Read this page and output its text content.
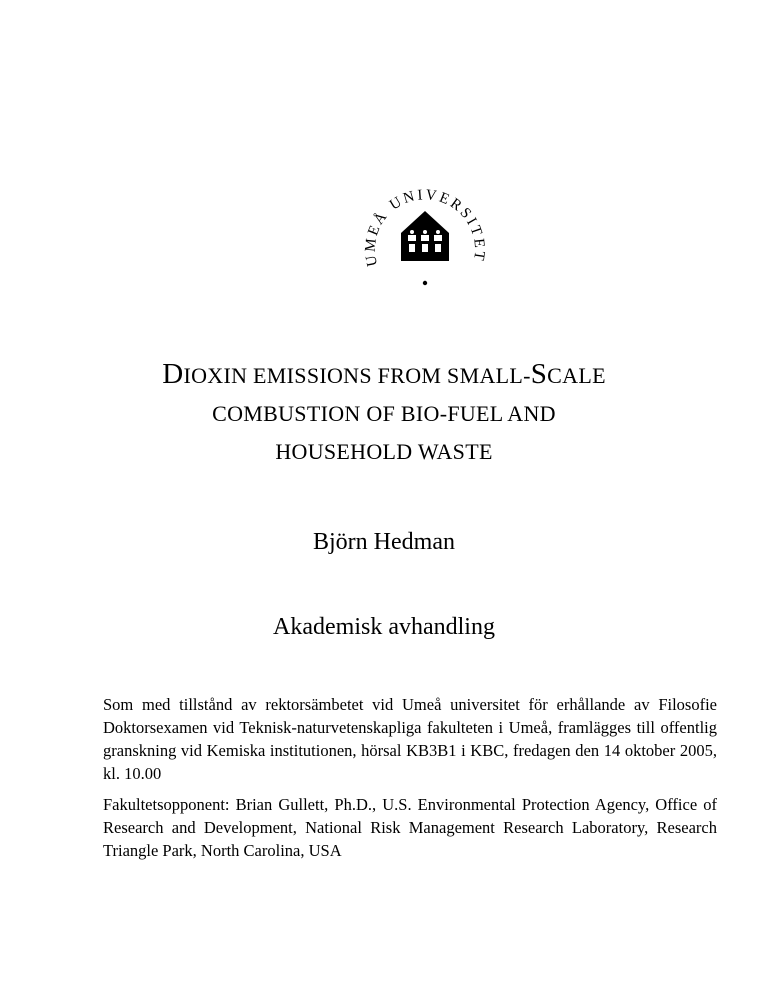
UMEÅ UNIVERSITET
DIOXIN EMISSIONS FROM SMALL-SCALE
COMBUSTION OF BIO-FUEL AND
HOUSEHOLD WASTE
Björn Hedman
Akademisk avhandling

Som med tillstånd av rektorsämbetet vid Umeå universitet för erhållande av Filosofie Doktorsexamen vid Teknisk-naturvetenskapliga fakulteten i Umeå, framlägges till offentlig granskning vid Kemiska institutionen, hörsal KB3B1 i KBC, fredagen den 14 oktober 2005, kl. 10.00

Fakultetsopponent: Brian Gullett, Ph.D., U.S. Environmental Protection Agency, Office of Research and Development, National Risk Management Research Laboratory, Research Triangle Park, North Carolina, USA
